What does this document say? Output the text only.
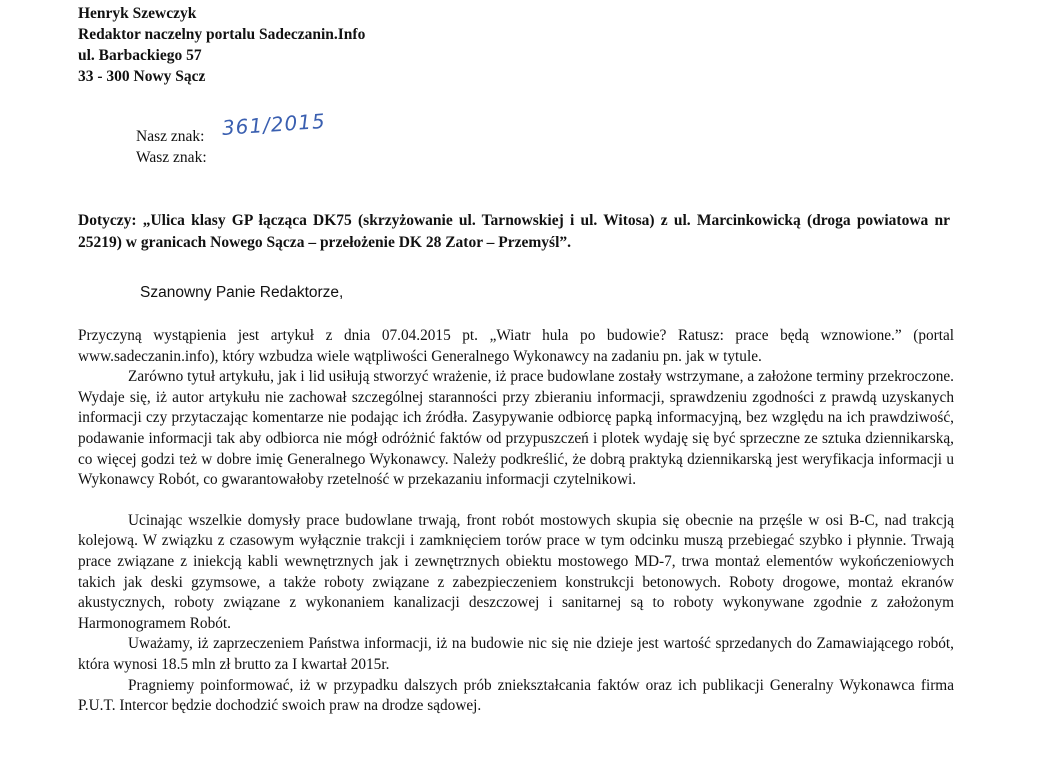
Henryk Szewczyk
Redaktor naczelny portalu Sadeczanin.Info
ul. Barbackiego 57
33 - 300 Nowy Sącz
Nasz znak: 361/2015
Wasz znak:
Dotyczy: „Ulica klasy GP łącząca DK75 (skrzyżowanie ul. Tarnowskiej i ul. Witosa) z ul. Marcinkowicką (droga powiatowa nr 25219) w granicach Nowego Sącza – przełożenie DK 28 Zator – Przemyśl”.
Szanowny Panie Redaktorze,

Przyczyną wystąpienia jest artykuł z dnia 07.04.2015 pt. „Wiatr hula po budowie? Ratusz: prace będą wznowione.” (portal www.sadeczanin.info), który wzbudza wiele wątpliwości Generalnego Wykonawcy na zadaniu pn. jak w tytule.

Zarówno tytuł artykułu, jak i lid usiłują stworzyć wrażenie, iż prace budowlane zostały wstrzymane, a założone terminy przekroczone. Wydaje się, iż autor artykułu nie zachował szczególnej staranności przy zbieraniu informacji, sprawdzeniu zgodności z prawdą uzyskanych informacji czy przytaczając komentarze nie podając ich źródła. Zasypywanie odbiorcę papką informacyjną, bez względu na ich prawdziwość, podawanie informacji tak aby odbiorca nie mógł odróżnić faktów od przypuszczeń i plotek wydaję się być sprzeczne ze sztuka dziennikarską, co więcej godzi też w dobre imię Generalnego Wykonawcy. Należy podkreślić, że dobrą praktyką dziennikarską jest weryfikacja informacji u Wykonawcy Robót, co gwarantowałoby rzetelność w przekazaniu informacji czytelnikowi.

Ucinając wszelkie domysły prace budowlane trwają, front robót mostowych skupia się obecnie na przęśle w osi B-C, nad trakcją kolejową. W związku z czasowym wyłącznie trakcji i zamknięciem torów prace w tym odcinku muszą przebiegać szybko i płynnie. Trwają prace związane z iniekcją kabli wewnętrznych jak i zewnętrznych obiektu mostowego MD-7, trwa montaż elementów wykończeniowych takich jak deski gzymsowe, a także roboty związane z zabezpieczeniem konstrukcji betonowych. Roboty drogowe, montaż ekranów akustycznych, roboty związane z wykonaniem kanalizacji deszczowej i sanitarnej są to roboty wykonywane zgodnie z założonym Harmonogramem Robót.

Uważamy, iż zaprzeczeniem Państwa informacji, iż na budowie nic się nie dzieje jest wartość sprzedanych do Zamawiającego robót, która wynosi 18.5 mln zł brutto za I kwartał 2015r.

Pragniemy poinformować, iż w przypadku dalszych prób zniekształcania faktów oraz ich publikacji Generalny Wykonawca firma P.U.T. Intercor będzie dochodzić swoich praw na drodze sądowej.
